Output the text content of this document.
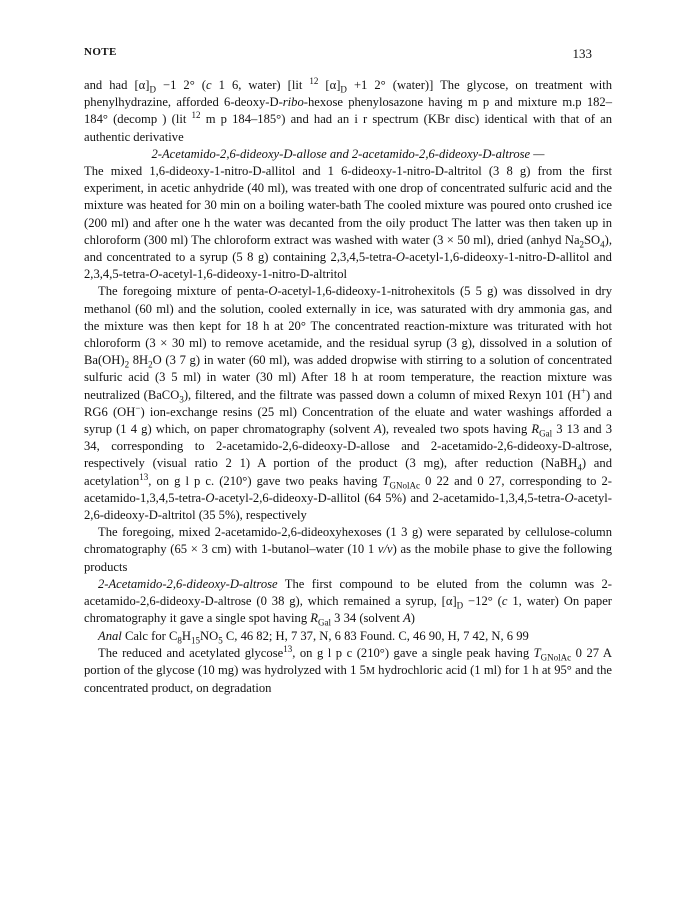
NOTE	133

and had $[\alpha]_D -1$ 2° (c 1 6, water) [lit $^{12}$ $[\alpha]_D +1$ 2° (water)] The glycose, on treatment with phenylhydrazine, afforded 6-deoxy-D-ribo-hexose phenylosazone having m p and mixture m.p 182–184° (decomp ) (lit $^{12}$ m p 184–185°) and had an i r spectrum (KBr disc) identical with that of an authentic derivative

2-Acetamido-2,6-dideoxy-D-allose and 2-acetamido-2,6-dideoxy-D-altrose —

The mixed 1,6-dideoxy-1-nitro-D-allitol and 1 6-dideoxy-1-nitro-D-altritol (3 8 g) from the first experiment, in acetic anhydride (40 ml), was treated with one drop of concentrated sulfuric acid and the mixture was heated for 30 min on a boiling water-bath The cooled mixture was poured onto crushed ice (200 ml) and after one h the water was decanted from the oily product The latter was then taken up in chloroform (300 ml) The chloroform extract was washed with water (3 × 50 ml), dried (anhyd $Na_2SO_4$), and concentrated to a syrup (5 8 g) containing 2,3,4,5-tetra-O-acetyl-1,6-dideoxy-1-nitro-D-allitol and 2,3,4,5-tetra-O-acetyl-1,6-dideoxy-1-nitro-D-altritol

The foregoing mixture of penta-O-acetyl-1,6-dideoxy-1-nitrohexitols (5 5 g) was dissolved in dry methanol (60 ml) and the solution, cooled externally in ice, was saturated with dry ammonia gas, and the mixture was then kept for 18 h at 20° The concentrated reaction-mixture was triturated with hot chloroform (3 × 30 ml) to remove acetamide, and the residual syrup (3 g), dissolved in a solution of $Ba(OH)_2$ $8H_2O$ (3 7 g) in water (60 ml), was added dropwise with stirring to a solution of concentrated sulfuric acid (3 5 ml) in water (30 ml) After 18 h at room temperature, the reaction mixture was neutralized (BaCO$_3$), filtered, and the filtrate was passed down a column of mixed Rexyn 101 (H+) and RG6 (OH−) ion-exchange resins (25 ml) Concentration of the eluate and water washings afforded a syrup (1 4 g) which, on paper chromatography (solvent A), revealed two spots having $R_{Gal}$ 3 13 and 3 34, corresponding to 2-acetamido-2,6-dideoxy-D-allose and 2-acetamido-2,6-dideoxy-D-altrose, respectively (visual ratio 2 1) A portion of the product (3 mg), after reduction (NaBH$_4$) and acetylation$^{13}$, on g l p c. (210°) gave two peaks having $T_{GNolAc}$ 0 22 and 0 27, corresponding to 2-acetamido-1,3,4,5-tetra-O-acetyl-2,6-dideoxy-D-allitol (64 5%) and 2-acetamido-1,3,4,5-tetra-O-acetyl-2,6-dideoxy-D-altritol (35 5%), respectively

The foregoing, mixed 2-acetamido-2,6-dideoxyhexoses (1 3 g) were separated by cellulose-column chromatography (65 × 3 cm) with 1-butanol–water (10 1 v/v) as the mobile phase to give the following products

2-Acetamido-2,6-dideoxy-D-altrose The first compound to be eluted from the column was 2-acetamido-2,6-dideoxy-D-altrose (0 38 g), which remained a syrup, $[\alpha]_D -12^\circ$ (c 1, water) On paper chromatography it gave a single spot having $R_{Gal}$ 3 34 (solvent A)

Anal Calc for $C_8H_{15}NO_5$ C, 46 82; H, 7 37, N, 6 83 Found. C, 46 90, H, 7 42, N, 6 99

The reduced and acetylated glycose$^{13}$, on g l p c (210°) gave a single peak having $T_{GNolAc}$ 0 27 A portion of the glycose (10 mg) was hydrolyzed with 1 5M hydrochloric acid (1 ml) for 1 h at 95° and the concentrated product, on degradation
